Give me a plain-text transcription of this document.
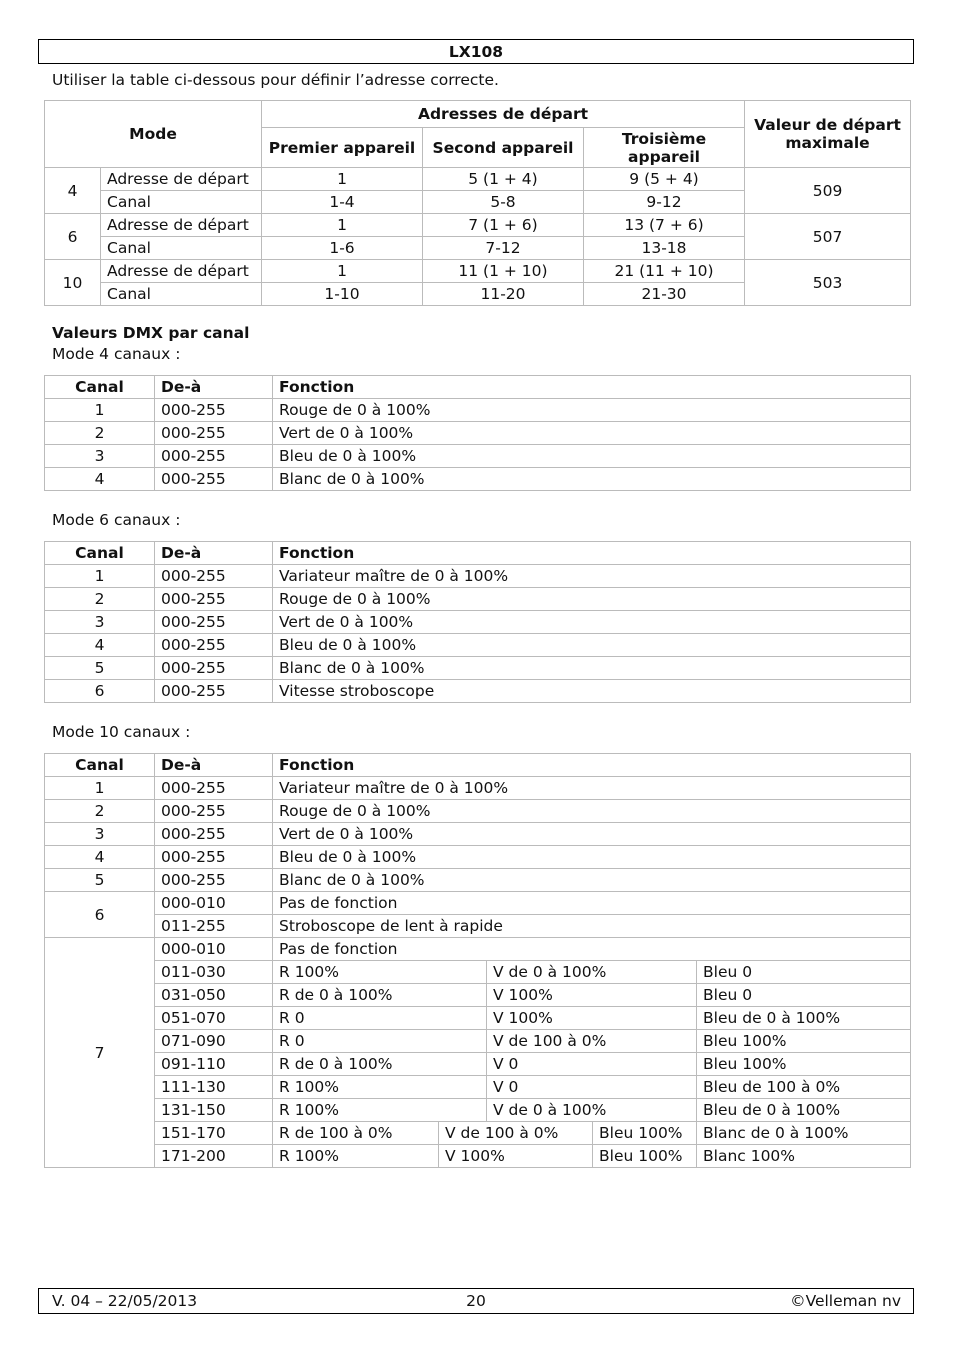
LX108
Utiliser la table ci-dessous pour définir l’adresse correcte.
Mode		Adresses de départ			Valeur de départ maximale
		Premier appareil	Second appareil	Troisième appareil	
4	Adresse de départ	1	5 (1 + 4)	9 (5 + 4)	509
	Canal	1-4	5-8	9-12	
6	Adresse de départ	1	7 (1 + 6)	13 (7 + 6)	507
	Canal	1-6	7-12	13-18	
10	Adresse de départ	1	11 (1 + 10)	21 (11 + 10)	503
	Canal	1-10	11-20	21-30	
Valeurs DMX par canal
Mode 4 canaux :
Canal	De-à	Fonction
1	000-255	Rouge de 0 à 100%
2	000-255	Vert de 0 à 100%
3	000-255	Bleu de 0 à 100%
4	000-255	Blanc de 0 à 100%
Mode 6 canaux :
Canal	De-à	Fonction
1	000-255	Variateur maître de 0 à 100%
2	000-255	Rouge de 0 à 100%
3	000-255	Vert de 0 à 100%
4	000-255	Bleu de 0 à 100%
5	000-255	Blanc de 0 à 100%
6	000-255	Vitesse stroboscope
Mode 10 canaux :
Canal	De-à	Fonction				
1	000-255	Variateur maître de 0 à 100%				
2	000-255	Rouge de 0 à 100%				
3	000-255	Vert de 0 à 100%				
4	000-255	Bleu de 0 à 100%				
5	000-255	Blanc de 0 à 100%				
6	000-010	Pas de fonction				
	011-255	Stroboscope de lent à rapide				
7	000-010	Pas de fonction				
	011-030	R 100%		V de 0 à 100%		Bleu 0
	031-050	R de 0 à 100%		V 100%		Bleu 0
	051-070	R 0		V 100%		Bleu de 0 à 100%
	071-090	R 0		V de 100 à 0%		Bleu 100%
	091-110	R de 0 à 100%		V 0		Bleu 100%
	111-130	R 100%		V 0		Bleu de 100 à 0%
	131-150	R 100%		V de 0 à 100%		Bleu de 0 à 100%
	151-170	R de 100 à 0%	V de 100 à 0%		Bleu 100%	Blanc de 0 à 100%
	171-200	R 100%	V 100%		Bleu 100%	Blanc 100%
V. 04 – 22/05/2013	20	©Velleman nv
